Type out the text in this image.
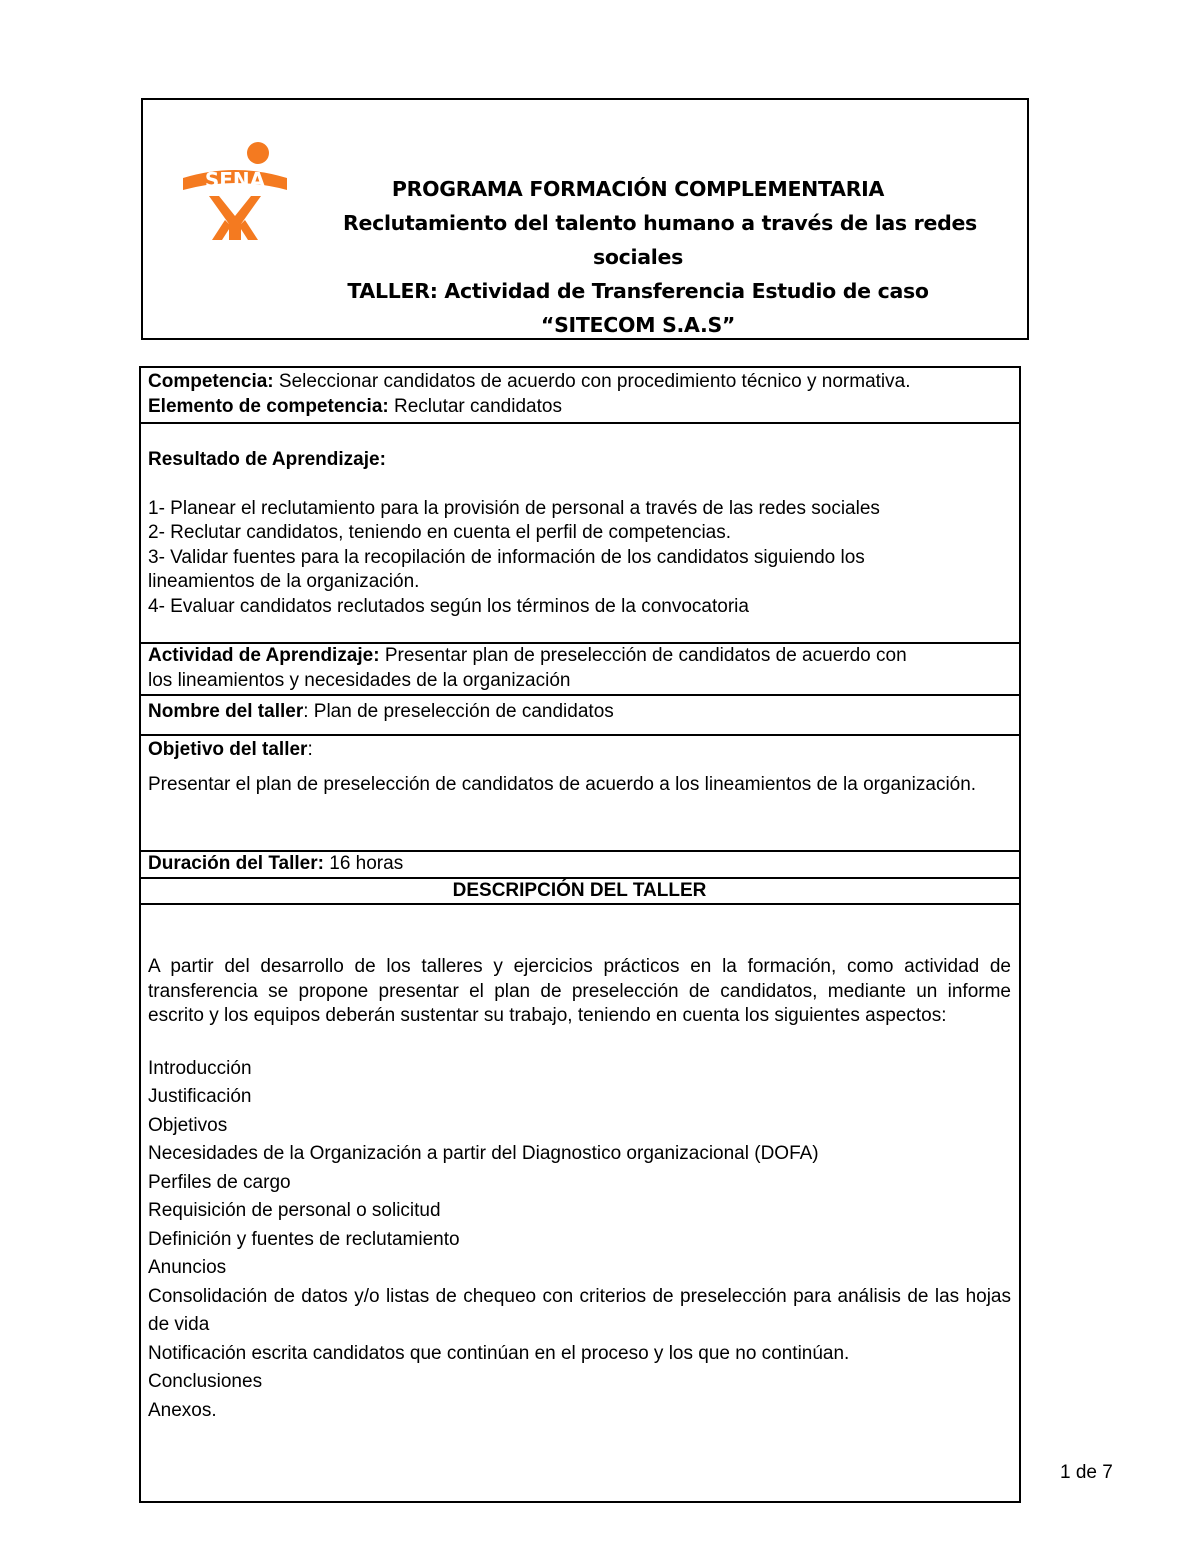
SENA	PROGRAMA FORMACIÓN COMPLEMENTARIA
Reclutamiento del talento humano a través de las redes
sociales
TALLER: Actividad de Transferencia Estudio de caso
“SITECOM S.A.S”
Competencia: Seleccionar candidatos de acuerdo con procedimiento técnico y normativa.
Elemento de competencia: Reclutar candidatos

Resultado de Aprendizaje:
1- Planear el reclutamiento para la provisión de personal a través de las redes sociales
2- Reclutar candidatos, teniendo en cuenta el perfil de competencias.
3- Validar fuentes para la recopilación de información de los candidatos siguiendo los
lineamientos de la organización.
4- Evaluar candidatos reclutados según los términos de la convocatoria

Actividad de Aprendizaje: Presentar plan de preselección de candidatos de acuerdo con
los lineamientos y necesidades de la organización

Nombre del taller: Plan de preselección de candidatos

Objetivo del taller:
Presentar el plan de preselección de candidatos de acuerdo a los lineamientos de la organización.

Duración del Taller: 16 horas

DESCRIPCIÓN DEL TALLER

A partir del desarrollo de los talleres y ejercicios prácticos en la formación, como actividad de transferencia se propone presentar el plan de preselección de candidatos, mediante un informe escrito y los equipos deberán sustentar su trabajo, teniendo en cuenta los siguientes aspectos:
Introducción
Justificación
Objetivos
Necesidades de la Organización a partir del Diagnostico organizacional (DOFA)
Perfiles de cargo
Requisición de personal o solicitud
Definición y fuentes de reclutamiento
Anuncios
Consolidación de datos y/o listas de chequeo con criterios de preselección para análisis de las hojas de vida
Notificación escrita candidatos que continúan en el proceso y los que no continúan.
Conclusiones
Anexos.
1 de 7
